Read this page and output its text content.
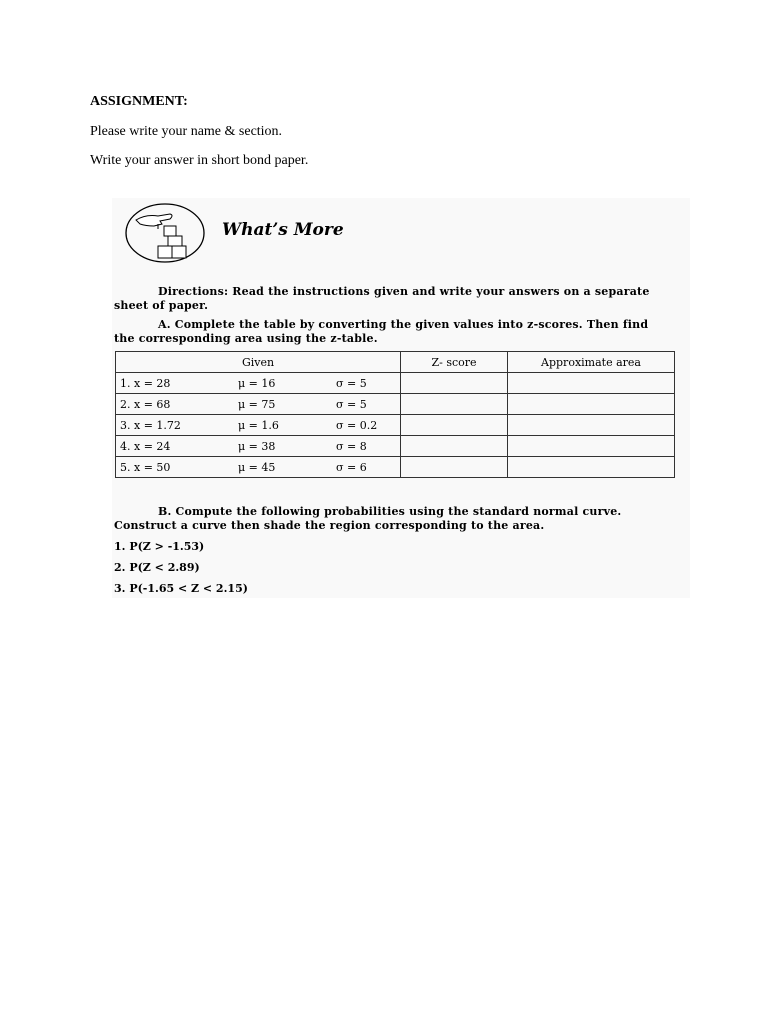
ASSIGNMENT:

Please write your name & section.

Write your answer in short bond paper.

What’s More
Directions: Read the instructions given and write your answers on a separate
sheet of paper.
A. Complete the table by converting the given values into z-scores. Then find
the corresponding area using the z-table.
Given			Z- score	Approximate area
1. x = 28	μ = 16	σ = 5		
2. x = 68	μ = 75	σ = 5		
3. x = 1.72	μ = 1.6	σ = 0.2		
4. x = 24	μ = 38	σ = 8		
5. x = 50	μ = 45	σ = 6		
B. Compute the following probabilities using the standard normal curve.
Construct a curve then shade the region corresponding to the area.
1. P(Z > -1.53)
2. P(Z < 2.89)
3. P(-1.65 < Z < 2.15)
